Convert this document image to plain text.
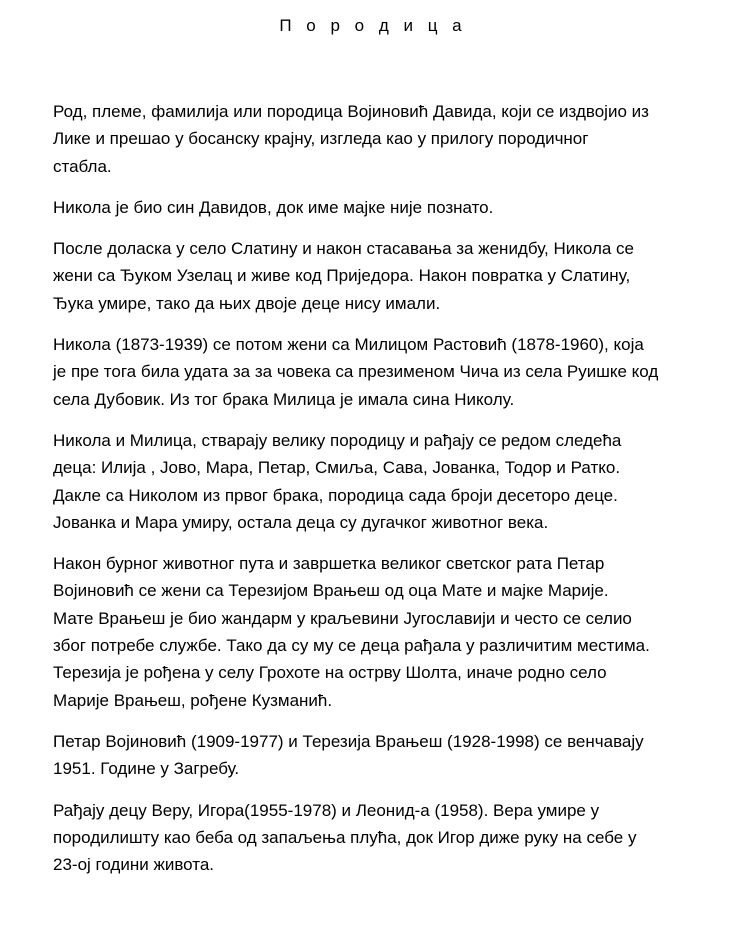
П о р о д и ц а

Род, племе, фамилија или породица Војиновић Давида, који се издвојио из
Лике и прешао у босанску крајну, изгледа као у прилогу породичног
стабла.

Никола је био син Давидов, док име мајке није познато.

После доласка у село Слатину и након стасавања за женидбу, Никола се
жени са Ђуком Узелац и живе код Пријeдора. Након повратка у Слатину,
Ђука умире, тако да њих двоје деце нису имали.

Никола (1873-1939) се потом жени са Милицом Растовић (1878-1960), која
је пре тога била удата за за човека са презименом Чича из села Руишке код
села Дубовик. Из тог брака Милица је имала сина Николу.

Никола и Милица, стварају велику породицу и рађају се редом следећа
деца: Илија , Јово, Мара, Петар, Смиља, Сава, Јованка, Тодор и Ратко.
Дакле са Николом из првог брака, породица сада броји десеторо деце.
Јованка и Мара умиру, остала деца су дугачког животног века.

Након бурног животног пута и завршетка великог светског рата Петар
Војиновић се жени са Терезијом Врањеш од оца Мате и мајке Марије.
Мате Врањеш је био жандарм у краљевини Југославији и често се селио
због потребе службе. Тако да су му се деца рађала у различитим местима.
Терезија је рођена у селу Грохоте на острву Шолта, иначе родно село
Марије Врањеш, рођене Кузманић.

Петар Војиновић (1909-1977) и Терезија Врањеш (1928-1998) се венчавају
1951. Године у Загребу.

Рађају децу Веру, Игора(1955-1978) и Леонид-а (1958). Вера умире у
породилишту као беба од запаљења плућа, док Игор диже руку на себе у
23-ој години живота.
